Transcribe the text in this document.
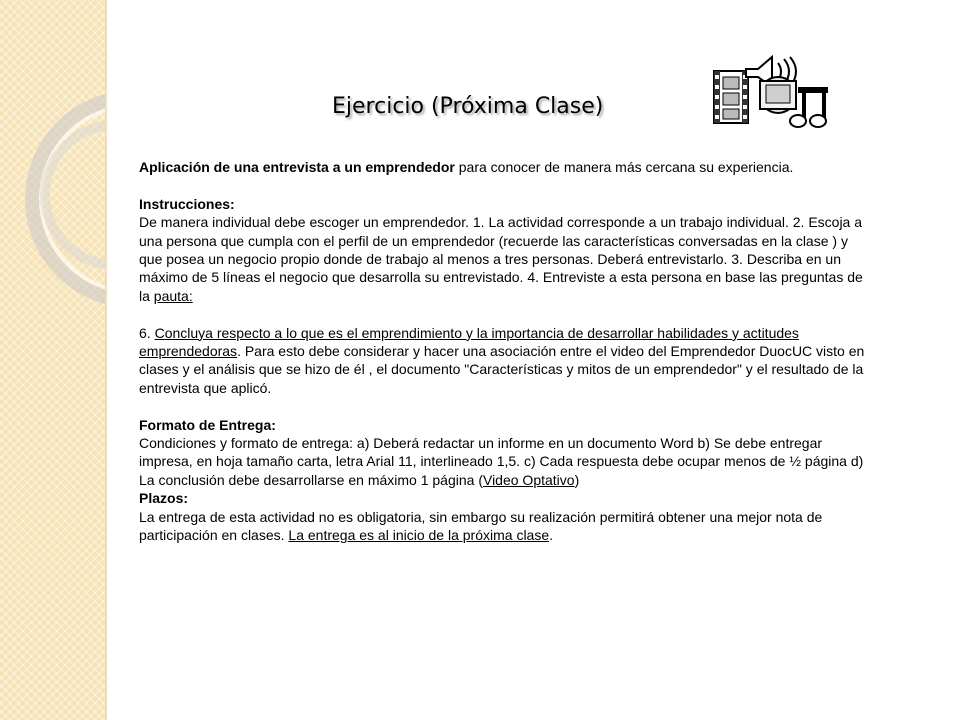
Ejercicio (Próxima Clase)

Aplicación de una entrevista a un emprendedor para conocer de manera más cercana su experiencia.

Instrucciones:

De manera individual debe escoger un emprendedor. 1. La actividad corresponde a un trabajo individual. 2. Escoja a una persona que cumpla con el perfil de un emprendedor (recuerde las características conversadas en la clase ) y que posea un negocio propio donde de trabajo al menos a tres personas. Deberá entrevistarlo. 3. Describa en un máximo de 5 líneas el negocio que desarrolla su entrevistado. 4. Entreviste a esta persona en base las preguntas de la pauta:

6. Concluya respecto a lo que es el emprendimiento y la importancia de desarrollar habilidades y actitudes emprendedoras. Para esto debe considerar y hacer una asociación entre el video del Emprendedor DuocUC visto en clases y el análisis que se hizo de él , el documento "Características y mitos de un emprendedor" y el resultado de la entrevista que aplicó.

Formato de Entrega:

Condiciones y formato de entrega: a) Deberá redactar un informe en un documento Word b) Se debe entregar impresa, en hoja tamaño carta, letra Arial 11, interlineado 1,5. c) Cada respuesta debe ocupar menos de ½ página d) La conclusión debe desarrollarse en máximo 1 página (Video Optativo)

Plazos:

La entrega de esta actividad no es obligatoria, sin embargo su realización permitirá obtener una mejor nota de participación en clases. La entrega es al inicio de la próxima clase.
